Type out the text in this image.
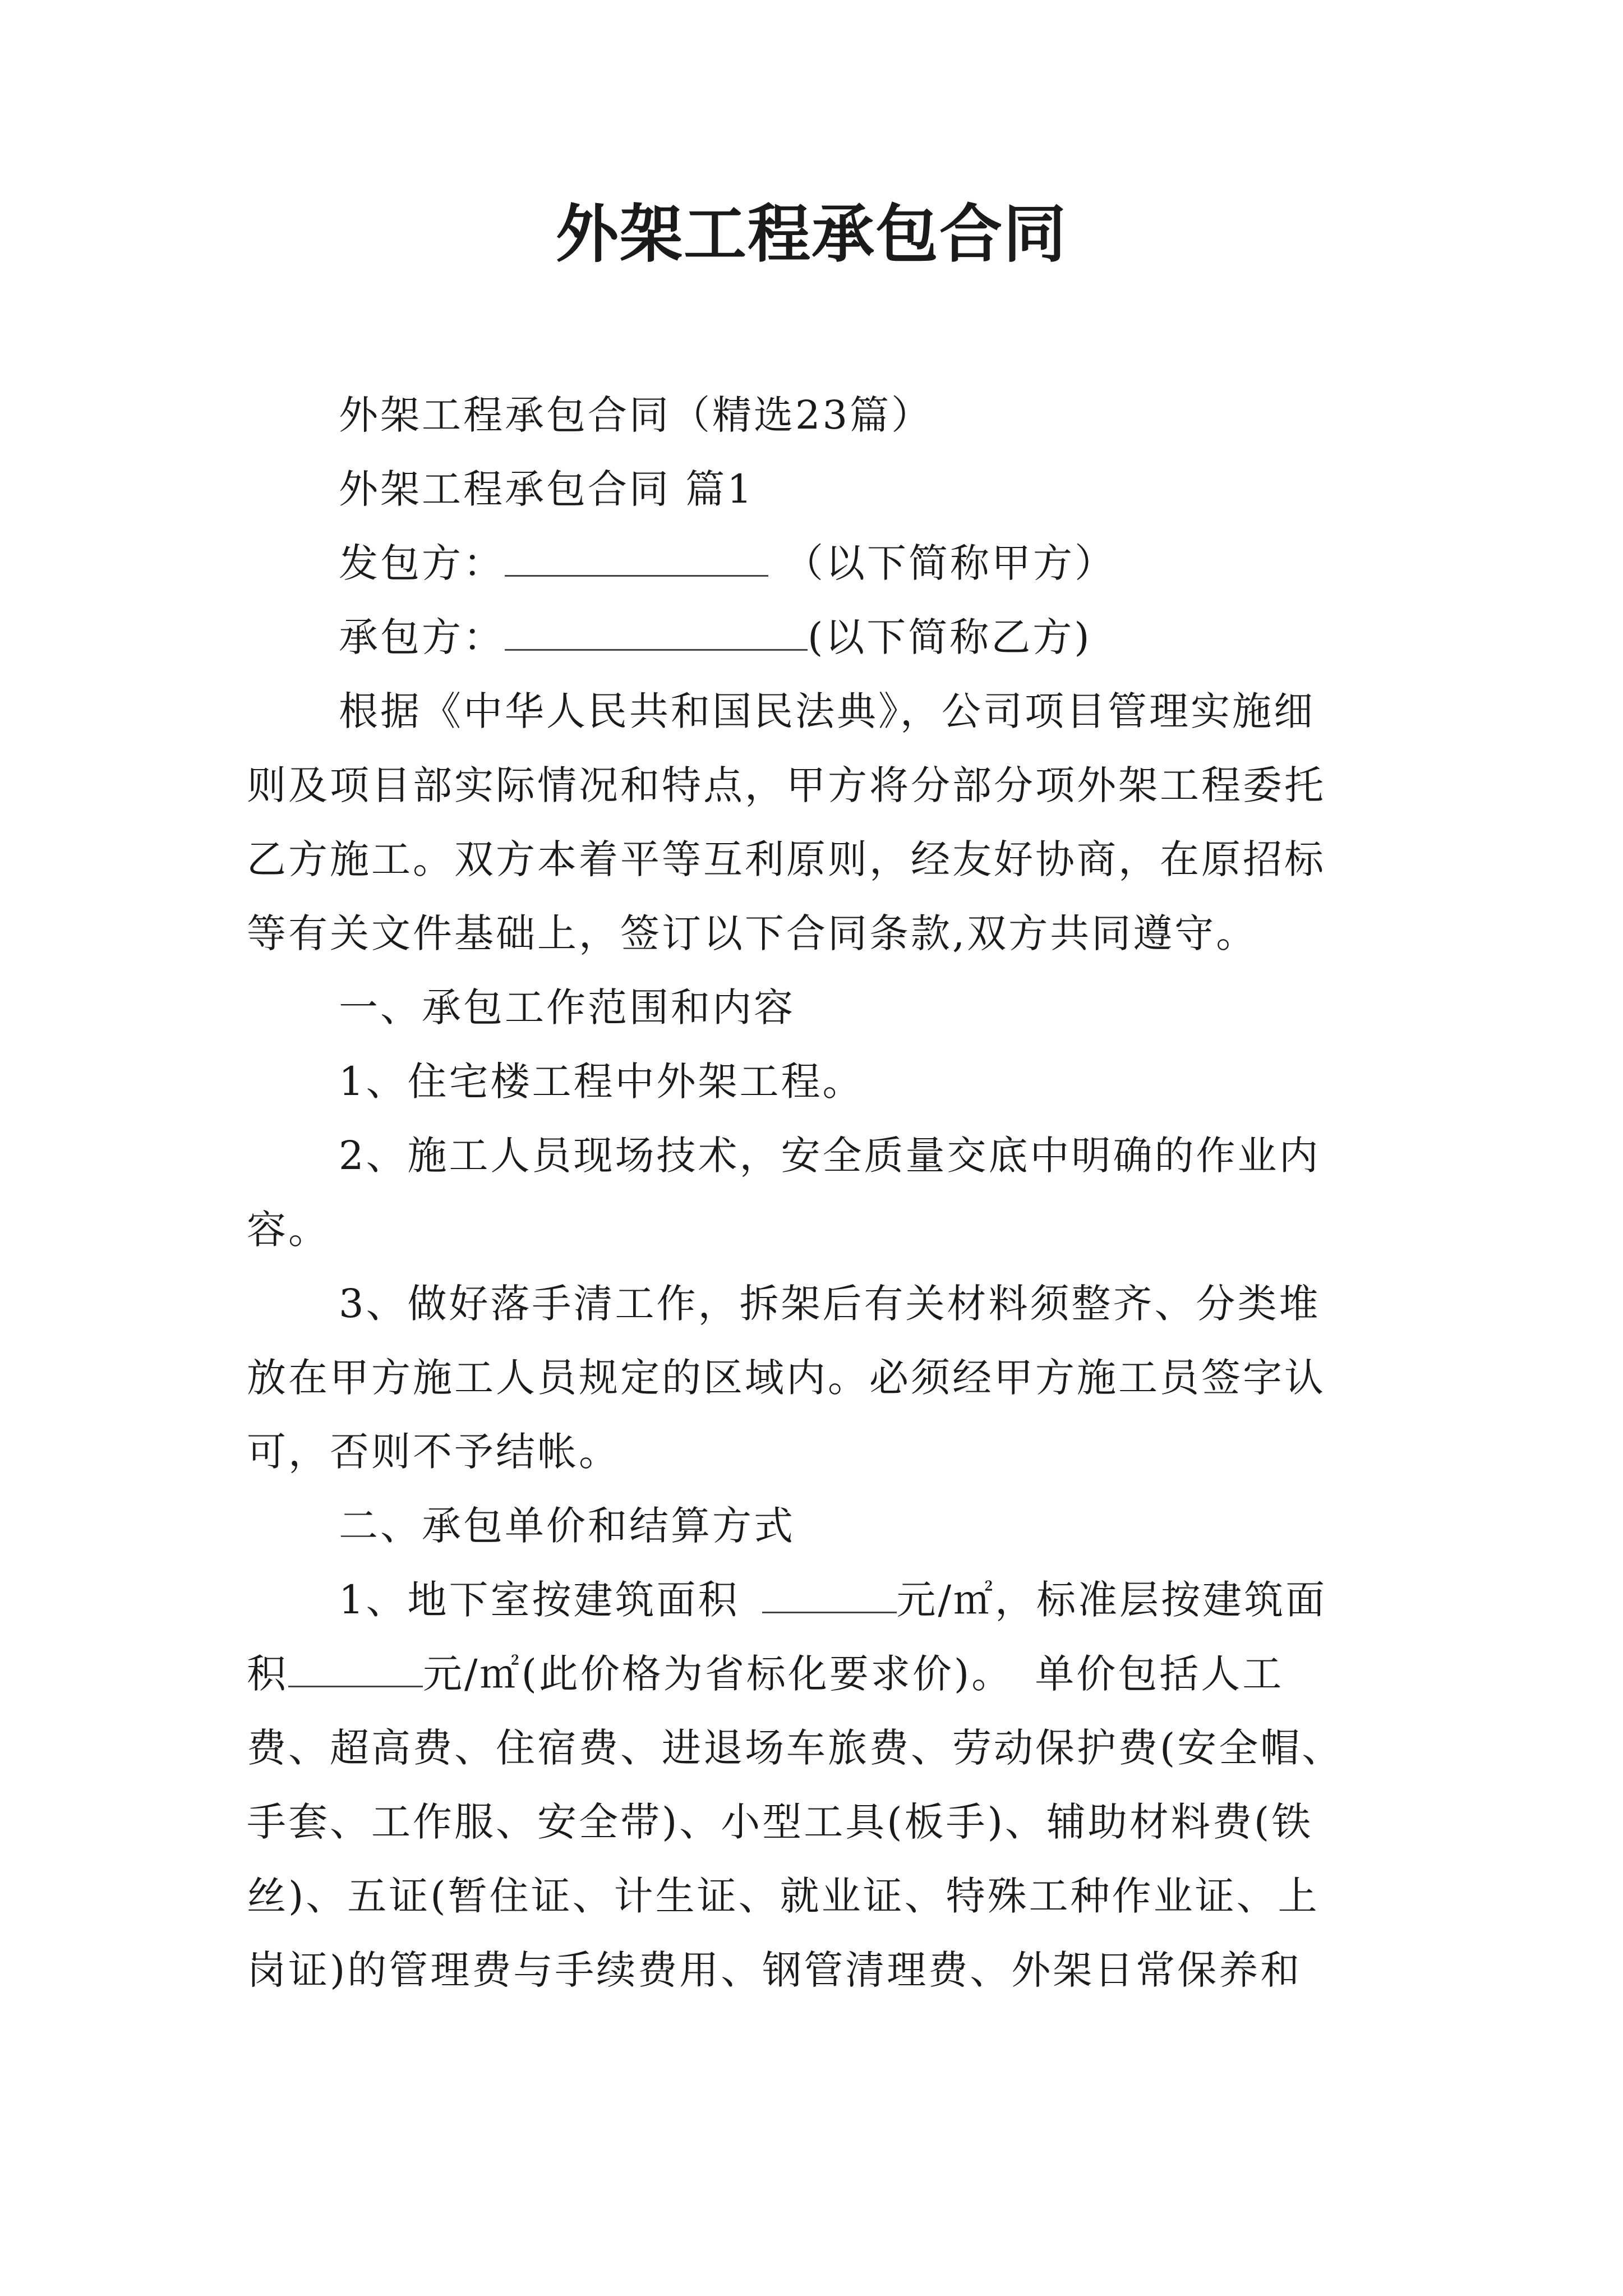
外架工程承包合同
外架工程承包合同（精选23篇）
外架工程承包合同 篇1
发包方：	（以下简称甲方）
承包方：	(以下简称乙方)
根据《中华人民共和国民法典》，公司项目管理实施细
则及项目部实际情况和特点，甲方将分部分项外架工程委托
乙方施工。双方本着平等互利原则，经友好协商，在原招标
等有关文件基础上，签订以下合同条款,双方共同遵守。
一、承包工作范围和内容
1、住宅楼工程中外架工程。
2、施工人员现场技术，安全质量交底中明确的作业内
容。
3、做好落手清工作，拆架后有关材料须整齐、分类堆
放在甲方施工人员规定的区域内。必须经甲方施工员签字认
可，否则不予结帐。
二、承包单价和结算方式
1、地下室按建筑面积	元/㎡，标准层按建筑面
积	元/㎡(此价格为省标化要求价)。　单价包括人工
费、超高费、住宿费、进退场车旅费、劳动保护费(安全帽、
手套、工作服、安全带)、小型工具(板手)、辅助材料费(铁
丝)、五证(暂住证、计生证、就业证、特殊工种作业证、上
岗证)的管理费与手续费用、钢管清理费、外架日常保养和
